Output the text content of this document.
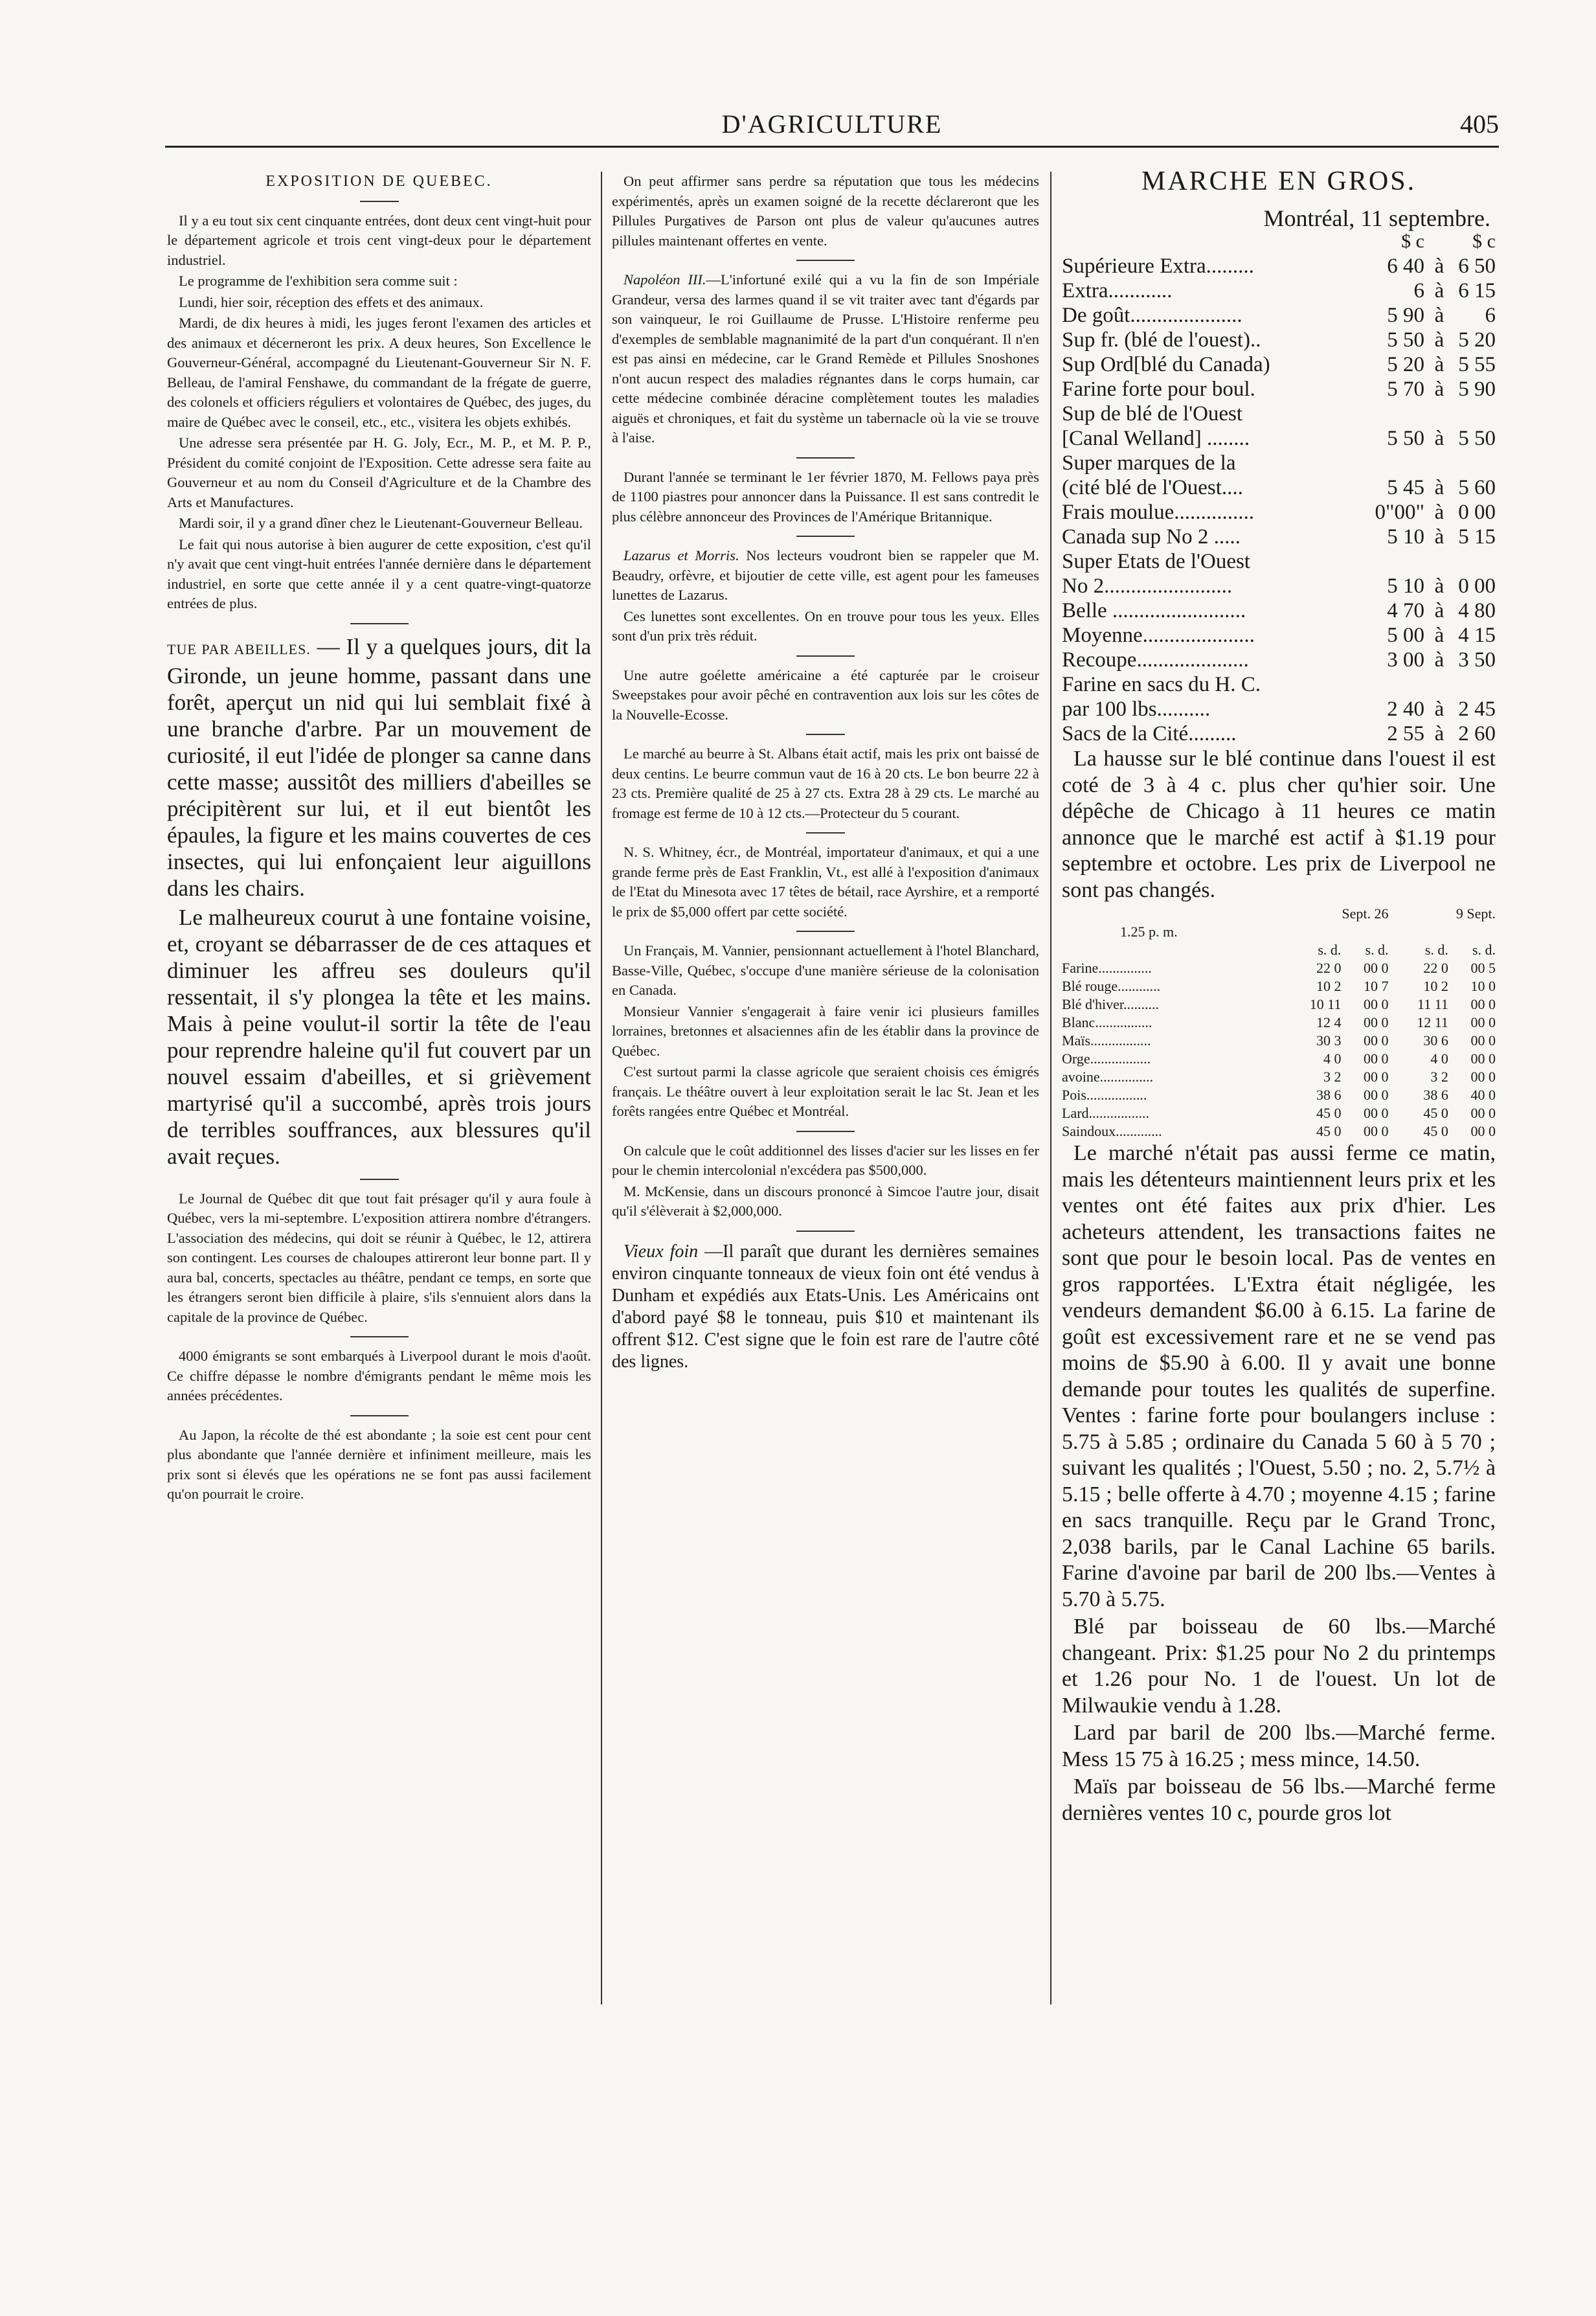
D'AGRICULTURE	405

EXPOSITION DE QUEBEC.

Il y a eu tout six cent cinquante entrées, dont deux cent vingt-huit pour le département agricole et trois cent vingt-deux pour le département industriel.

Le programme de l'exhibition sera comme suit :

Lundi, hier soir, réception des effets et des animaux.

Mardi, de dix heures à midi, les juges feront l'examen des articles et des animaux et décerneront les prix. A deux heures, Son Excellence le Gouverneur-Général, accompagné du Lieutenant-Gouverneur Sir N. F. Belleau, de l'amiral Fenshawe, du commandant de la frégate de guerre, des colonels et officiers réguliers et volontaires de Québec, des juges, du maire de Québec avec le conseil, etc., etc., visitera les objets exhibés.

Une adresse sera présentée par H. G. Joly, Ecr., M. P., et M. P. P., Président du comité conjoint de l'Exposition. Cette adresse sera faite au Gouverneur et au nom du Conseil d'Agriculture et de la Chambre des Arts et Manufactures.

Mardi soir, il y a grand dîner chez le Lieutenant-Gouverneur Belleau.

Le fait qui nous autorise à bien augurer de cette exposition, c'est qu'il n'y avait que cent vingt-huit entrées l'année dernière dans le département industriel, en sorte que cette année il y a cent quatre-vingt-quatorze entrées de plus.

TUE PAR ABEILLES. — Il y a quelques jours, dit la Gironde, un jeune homme, passant dans une forêt, aperçut un nid qui lui semblait fixé à une branche d'arbre. Par un mouvement de curiosité, il eut l'idée de plonger sa canne dans cette masse; aussitôt des milliers d'abeilles se précipitèrent sur lui, et il eut bientôt les épaules, la figure et les mains couvertes de ces insectes, qui lui enfonçaient leur aiguillons dans les chairs.

Le malheureux courut à une fontaine voisine, et, croyant se débarrasser de de ces attaques et diminuer les affreu ses douleurs qu'il ressentait, il s'y plongea la tête et les mains. Mais à peine voulut-il sortir la tête de l'eau pour reprendre haleine qu'il fut couvert par un nouvel essaim d'abeilles, et si grièvement martyrisé qu'il a succombé, après trois jours de terribles souffrances, aux blessures qu'il avait reçues.

Le Journal de Québec dit que tout fait présager qu'il y aura foule à Québec, vers la mi-septembre. L'exposition attirera nombre d'étrangers. L'association des médecins, qui doit se réunir à Québec, le 12, attirera son contingent. Les courses de chaloupes attireront leur bonne part. Il y aura bal, concerts, spectacles au théâtre, pendant ce temps, en sorte que les étrangers seront bien difficile à plaire, s'ils s'ennuient alors dans la capitale de la province de Québec.

4000 émigrants se sont embarqués à Liverpool durant le mois d'août. Ce chiffre dépasse le nombre d'émigrants pendant le même mois les années précédentes.

Au Japon, la récolte de thé est abondante ; la soie est cent pour cent plus abondante que l'année dernière et infiniment meilleure, mais les prix sont si élevés que les opérations ne se font pas aussi facilement qu'on pourrait le croire.

On peut affirmer sans perdre sa réputation que tous les médecins expérimentés, après un examen soigné de la recette déclareront que les Pillules Purgatives de Parson ont plus de valeur qu'aucunes autres pillules maintenant offertes en vente.

Napoléon III.—L'infortuné exilé qui a vu la fin de son Impériale Grandeur, versa des larmes quand il se vit traiter avec tant d'égards par son vainqueur, le roi Guillaume de Prusse. L'Histoire renferme peu d'exemples de semblable magnanimité de la part d'un conquérant. Il n'en est pas ainsi en médecine, car le Grand Remède et Pillules Snoshones n'ont aucun respect des maladies régnantes dans le corps humain, car cette médecine combinée déracine complètement toutes les maladies aiguës et chroniques, et fait du système un tabernacle où la vie se trouve à l'aise.

Durant l'année se terminant le 1er février 1870, M. Fellows paya près de 1100 piastres pour annoncer dans la Puissance. Il est sans contredit le plus célèbre annonceur des Provinces de l'Amérique Britannique.

Lazarus et Morris. Nos lecteurs voudront bien se rappeler que M. Beaudry, orfèvre, et bijoutier de cette ville, est agent pour les fameuses lunettes de Lazarus.

Ces lunettes sont excellentes. On en trouve pour tous les yeux. Elles sont d'un prix très réduit.

Une autre goélette américaine a été capturée par le croiseur Sweepstakes pour avoir pêché en contravention aux lois sur les côtes de la Nouvelle-Ecosse.

Le marché au beurre à St. Albans était actif, mais les prix ont baissé de deux centins. Le beurre commun vaut de 16 à 20 cts. Le bon beurre 22 à 23 cts. Première qualité de 25 à 27 cts. Extra 28 à 29 cts. Le marché au fromage est ferme de 10 à 12 cts.—Protecteur du 5 courant.

N. S. Whitney, écr., de Montréal, importateur d'animaux, et qui a une grande ferme près de East Franklin, Vt., est allé à l'exposition d'animaux de l'Etat du Minesota avec 17 têtes de bétail, race Ayrshire, et a remporté le prix de $5,000 offert par cette société.

Un Français, M. Vannier, pensionnant actuellement à l'hotel Blanchard, Basse-Ville, Québec, s'occupe d'une manière sérieuse de la colonisation en Canada.

Monsieur Vannier s'engagerait à faire venir ici plusieurs familles lorraines, bretonnes et alsaciennes afin de les établir dans la province de Québec.

C'est surtout parmi la classe agricole que seraient choisis ces émigrés français. Le théâtre ouvert à leur exploitation serait le lac St. Jean et les forêts rangées entre Québec et Montréal.

On calcule que le coût additionnel des lisses d'acier sur les lisses en fer pour le chemin intercolonial n'excédera pas $500,000.

M. McKensie, dans un discours prononcé à Simcoe l'autre jour, disait qu'il s'élèverait à $2,000,000.

Vieux foin —Il paraît que durant les dernières semaines environ cinquante tonneaux de vieux foin ont été vendus à Dunham et expédiés aux Etats-Unis. Les Américains ont d'abord payé $8 le tonneau, puis $10 et maintenant ils offrent $12. C'est signe que le foin est rare de l'autre côté des lignes.

MARCHE EN GROS.
Montréal, 11 septembre.
	$ c		$ c
Supérieure Extra.........	6 40	à	6 50
Extra............	6	à	6 15
De goût.....................	5 90	à	6
Sup fr. (blé de l'ouest)..	5 50	à	5 20
Sup Ord[blé du Canada)	5 20	à	5 55
Farine forte pour boul.	5 70	à	5 90
Sup de blé de l'Ouest			
[Canal Welland] ........	5 50	à	5 50
Super marques de la			
(cité blé de l'Ouest....	5 45	à	5 60
Frais moulue...............	0"00"	à	0 00
Canada sup No 2 .....	5 10	à	5 15
Super Etats de l'Ouest			
No 2........................	5 10	à	0 00
Belle .........................	4 70	à	4 80
Moyenne.....................	5 00	à	4 15
Recoupe.....................	3 00	à	3 50
Farine en sacs du H. C.			
par 100 lbs..........	2 40	à	2 45
Sacs de la Cité.........	2 55	à	2 60

La hausse sur le blé continue dans l'ouest il est coté de 3 à 4 c. plus cher qu'hier soir. Une dépêche de Chicago à 11 heures ce matin annonce que le marché est actif à $1.19 pour septembre et octobre. Les prix de Liverpool ne sont pas changés.

	Sept. 26		9 Sept.	
1.25 p. m.				
	s. d.	s. d.	s. d.	s. d.
Farine...............	22 0	00 0	22 0	00 5
Blé rouge............	10 2	10 7	10 2	10 0
Blé d'hiver..........	10 11	00 0	11 11	00 0
Blanc................	12 4	00 0	12 11	00 0
Maïs.................	30 3	00 0	30 6	00 0
Orge.................	4 0	00 0	4 0	00 0
avoine...............	3 2	00 0	3 2	00 0
Pois.................	38 6	00 0	38 6	40 0
Lard.................	45 0	00 0	45 0	00 0
Saindoux.............	45 0	00 0	45 0	00 0

Le marché n'était pas aussi ferme ce matin, mais les détenteurs maintiennent leurs prix et les ventes ont été faites aux prix d'hier. Les acheteurs attendent, les transactions faites ne sont que pour le besoin local. Pas de ventes en gros rapportées. L'Extra était négligée, les vendeurs demandent $6.00 à 6.15. La farine de goût est excessivement rare et ne se vend pas moins de $5.90 à 6.00. Il y avait une bonne demande pour toutes les qualités de superfine. Ventes : farine forte pour boulangers incluse : 5.75 à 5.85 ; ordinaire du Canada 5 60 à 5 70 ; suivant les qualités ; l'Ouest, 5.50 ; no. 2, 5.7½ à 5.15 ; belle offerte à 4.70 ; moyenne 4.15 ; farine en sacs tranquille. Reçu par le Grand Tronc, 2,038 barils, par le Canal Lachine 65 barils. Farine d'avoine par baril de 200 lbs.—Ventes à 5.70 à 5.75.

Blé par boisseau de 60 lbs.—Marché changeant. Prix: $1.25 pour No 2 du printemps et 1.26 pour No. 1 de l'ouest. Un lot de Milwaukie vendu à 1.28.

Lard par baril de 200 lbs.—Marché ferme. Mess 15 75 à 16.25 ; mess mince, 14.50.

Maïs par boisseau de 56 lbs.—Marché ferme dernières ventes 10 c, pourde gros lot
